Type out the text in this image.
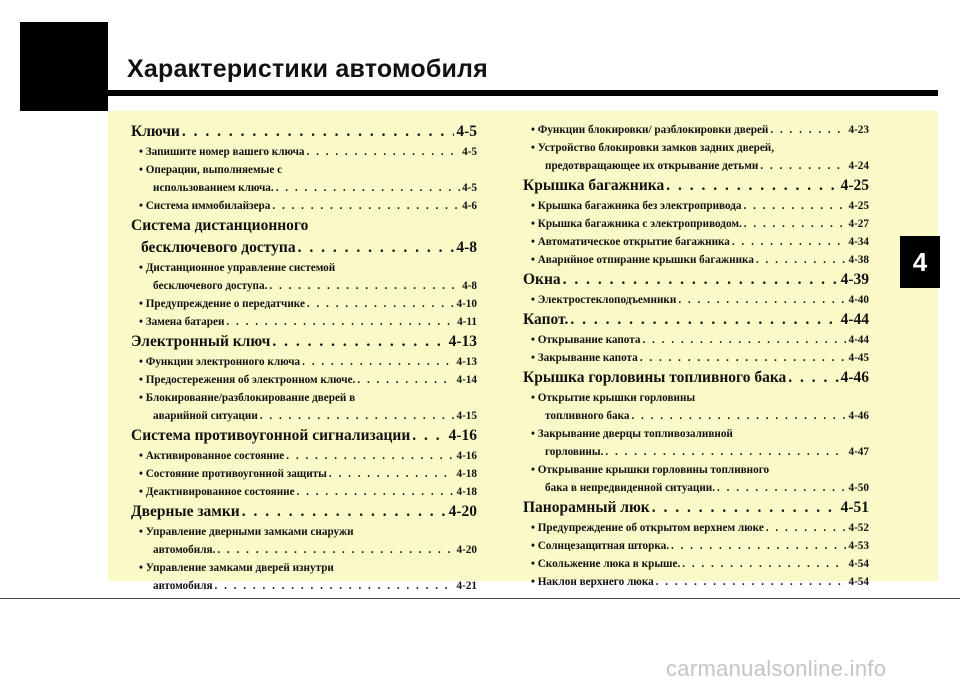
Характеристики автомобиля
4
Ключи . . .	4-5
• Запишите номер вашего ключа . . .	4-5
• Операции, выполняемые с
использованием ключа. . . .	4-5
• Система иммобилайзера . . .	4-6
Система дистанционного
бесключевого доступа . . .	4-8
• Дистанционное управление системой
бесключевого доступа. . . .	4-8
• Предупреждение о передатчике . . .	4-10
• Замена батареи . . .	4-11
Электронный ключ . . .	4-13
• Функции электронного ключа . . .	4-13
• Предостережения об электронном ключе. . . .	4-14
• Блокирование/разблокирование дверей в
аварийной ситуации . . .	4-15
Система противоугонной сигнализации . . . 4-16
• Активированное состояние . . .	4-16
• Состояние противоугонной защиты . . .	4-18
• Деактивированное состояние . . .	4-18
Дверные замки . . .	4-20
• Управление дверными замками снаружи
автомобиля. . . .	4-20
• Управление замками дверей изнутри
автомобиля . . .	4-21
• Функции блокировки/ разблокировки дверей . . .	4-23
• Устройство блокировки замков задних дверей,
предотвращающее их открывание детьми . . .	4-24
Крышка багажника . . .	4-25
• Крышка багажника без электропривода . . .	4-25
• Крышка багажника с электроприводом. . . .	4-27
• Автоматическое открытие багажника . . .	4-34
• Аварийное отпирание крышки багажника . . .	4-38
Окна . . .	4-39
• Электростеклоподъемники . . .	4-40
Капот. . . .	4-44
• Открывание капота . . .	4-44
• Закрывание капота . . .	4-45
Крышка горловины топливного бака . . .	4-46
• Открытие крышки горловины
топливного бака . . .	4-46
• Закрывание дверцы топливозаливной
горловины. . . .	4-47
• Открывание крышки горловины топливного
бака в непредвиденной ситуации. . . .	4-50
Панорамный люк . . .	4-51
• Предупреждение об открытом верхнем люке . . .	4-52
• Солнцезащитная шторка. . . .	4-53
• Скольжение люка в крыше. . . .	4-54
• Наклон верхнего люка . . .	4-54
carmanualsonline.info
